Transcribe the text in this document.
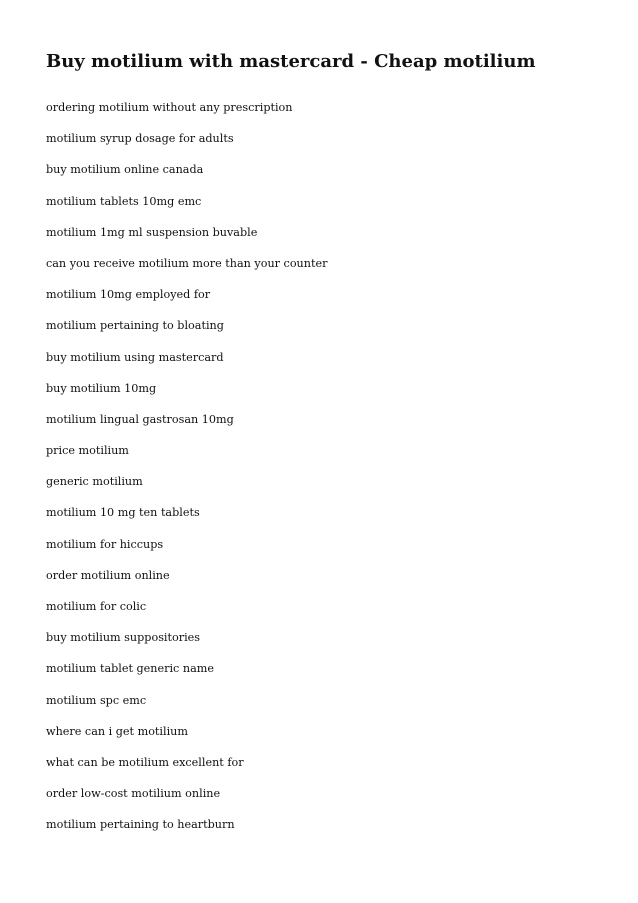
Buy motilium with mastercard - Cheap motilium
ordering motilium without any prescription
motilium syrup dosage for adults
buy motilium online canada
motilium tablets 10mg emc
motilium 1mg ml suspension buvable
can you receive motilium more than your counter
motilium 10mg employed for
motilium pertaining to bloating
buy motilium using mastercard
buy motilium 10mg
motilium lingual gastrosan 10mg
price motilium
generic motilium
motilium 10 mg ten tablets
motilium for hiccups
order motilium online
motilium for colic
buy motilium suppositories
motilium tablet generic name
motilium spc emc
where can i get motilium
what can be motilium excellent for
order low-cost motilium online
motilium pertaining to heartburn
